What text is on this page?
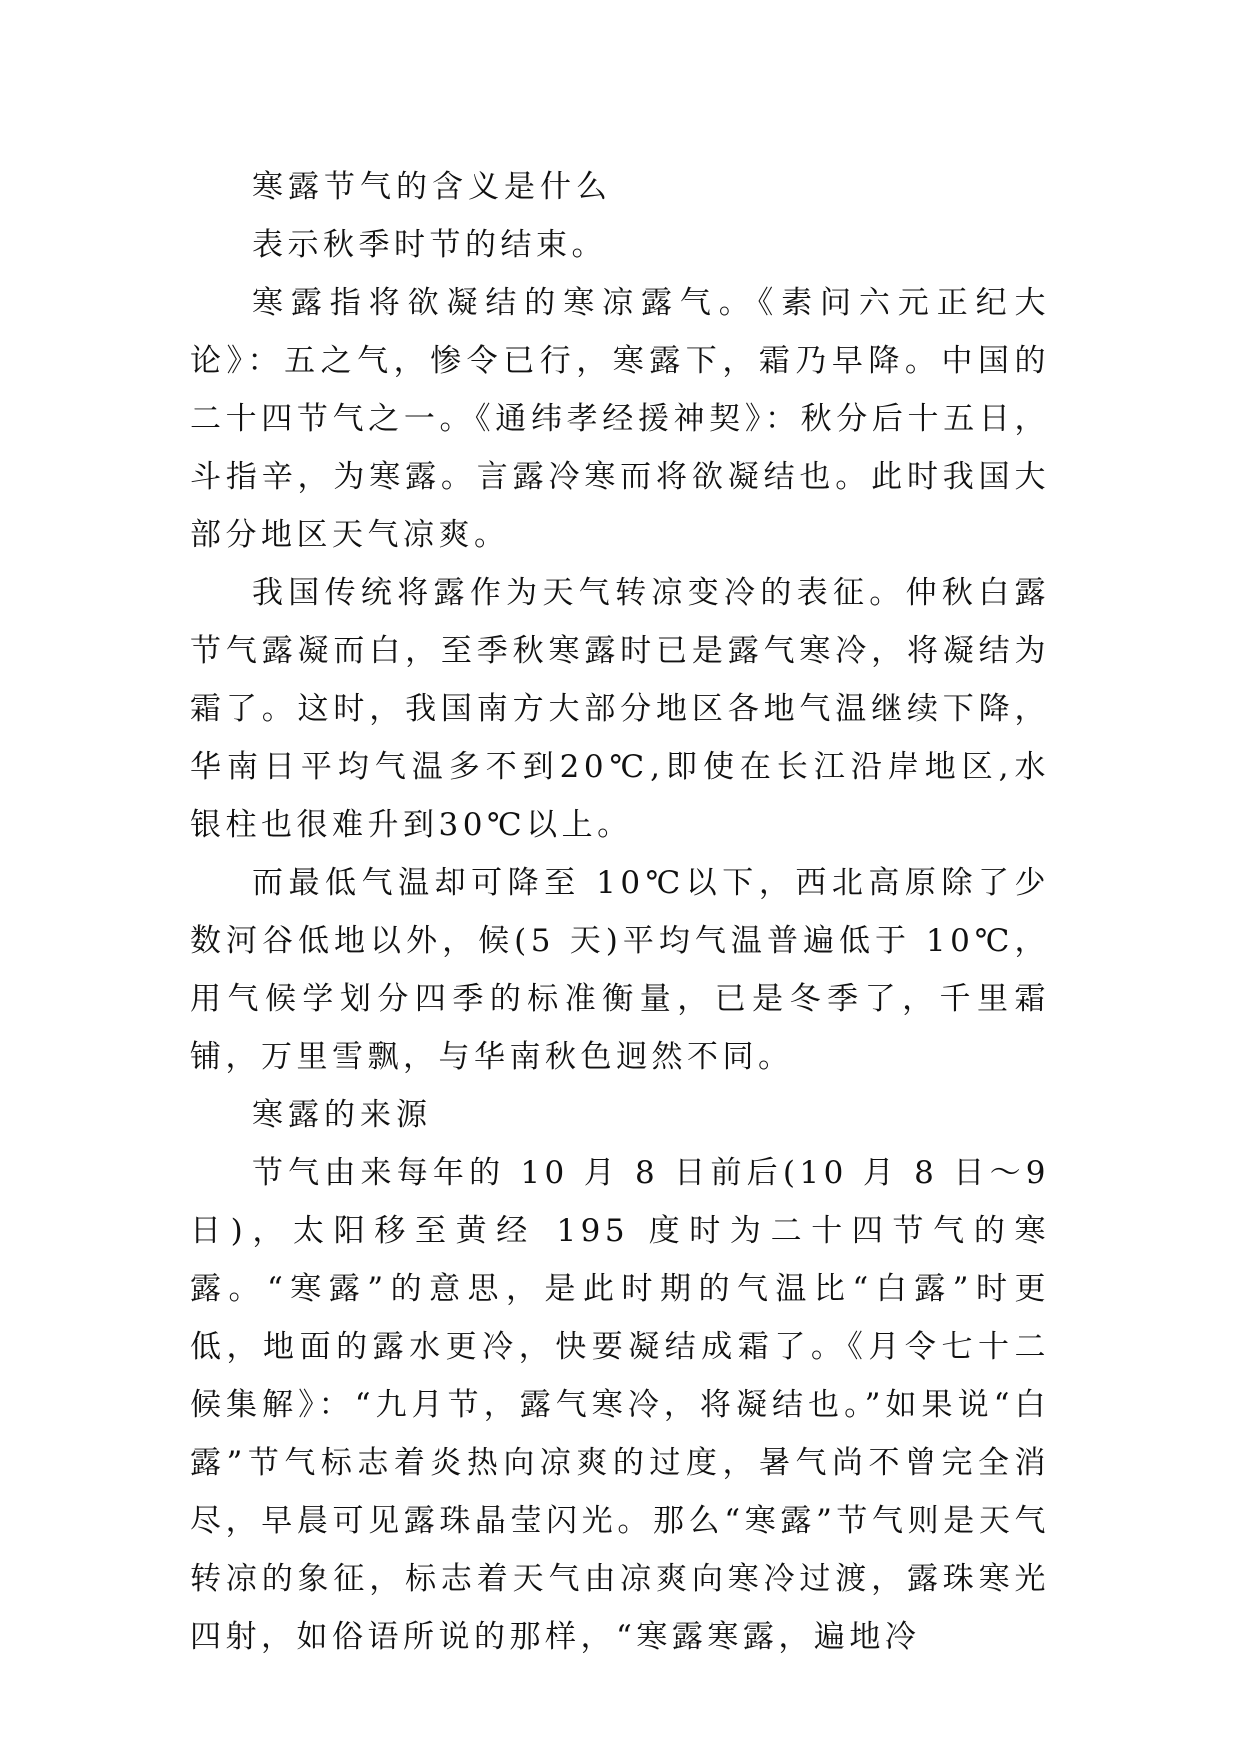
寒露节气的含义是什么

表示秋季时节的结束。

寒露指将欲凝结的寒凉露气。《素问六元正纪大论》：五之气，惨令已行，寒露下，霜乃早降。中国的二十四节气之一。《通纬孝经援神契》：秋分后十五日，斗指辛，为寒露。言露冷寒而将欲凝结也。此时我国大部分地区天气凉爽。

我国传统将露作为天气转凉变冷的表征。仲秋白露节气露凝而白，至季秋寒露时已是露气寒冷，将凝结为霜了。这时，我国南方大部分地区各地气温继续下降，华南日平均气温多不到20℃,即使在长江沿岸地区,水银柱也很难升到30℃以上。

而最低气温却可降至 10℃以下，西北高原除了少数河谷低地以外，候(5 天)平均气温普遍低于 10℃，用气候学划分四季的标准衡量，已是冬季了，千里霜铺，万里雪飘，与华南秋色迥然不同。

寒露的来源

节气由来每年的 10 月 8 日前后(10 月 8 日～9 日)，太阳移至黄经 195 度时为二十四节气的寒露。“寒露”的意思，是此时期的气温比“白露”时更低，地面的露水更冷，快要凝结成霜了。《月令七十二候集解》：“九月节，露气寒冷，将凝结也。”如果说“白露”节气标志着炎热向凉爽的过度，暑气尚不曾完全消尽，早晨可见露珠晶莹闪光。那么“寒露”节气则是天气转凉的象征，标志着天气由凉爽向寒冷过渡，露珠寒光四射，如俗语所说的那样，“寒露寒露，遍地冷
